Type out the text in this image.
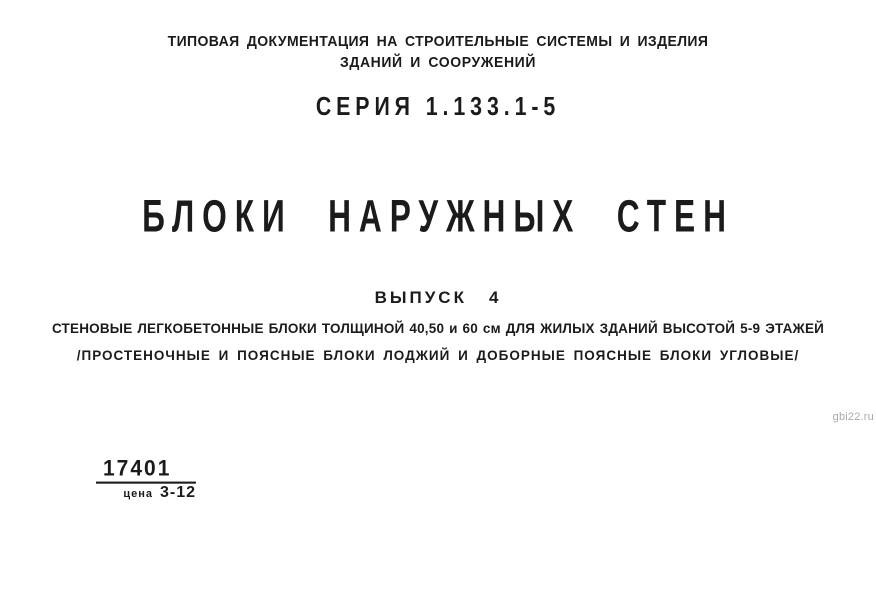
ТИПОВАЯ ДОКУМЕНТАЦИЯ НА СТРОИТЕЛЬНЫЕ СИСТЕМЫ И ИЗДЕЛИЯ
ЗДАНИЙ И СООРУЖЕНИЙ
СЕРИЯ 1.133.1-5
БЛОКИ НАРУЖНЫХ СТЕН
ВЫПУСК 4
СТЕНОВЫЕ ЛЕГКОБЕТОННЫЕ БЛОКИ ТОЛЩИНОЙ 40,50 и 60 см ДЛЯ ЖИЛЫХ ЗДАНИЙ ВЫСОТОЙ 5-9 ЭТАЖЕЙ
/ПРОСТЕНОЧНЫЕ И ПОЯСНЫЕ БЛОКИ ЛОДЖИЙ И ДОБОРНЫЕ ПОЯСНЫЕ БЛОКИ УГЛОВЫЕ/
gbi22.ru
17401
цена 3-12
